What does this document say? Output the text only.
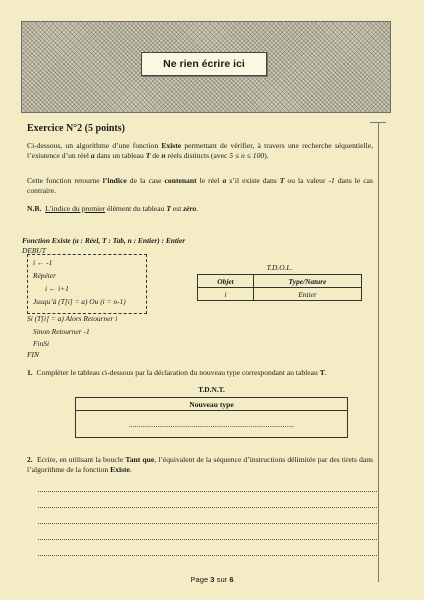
Ne rien écrire ici
Exercice N°2 (5 points)
Ci-dessous, un algorithme d’une fonction Existe permettant de vérifier, à travers une recherche séquentielle, l’existence d’un réel a dans un tableau T de n réels distincts (avec 5 ≤ n ≤ 100).
Cette fonction retourne l’indice de la case contenant le réel a s’il existe dans T ou la valeur -1 dans le cas contraire.
N.B. L’indice du premier élément du tableau T est zéro.
Fonction Existe (a : Réel, T : Tab, n : Entier) : Entier
DEBUT
i ← -1
Répéter
i ← i+1
Jusqu’à (T[i] = a) Ou (i = n-1)
Si (T[i] = a) Alors Retourner i
Sinon Retourner -1
FinSi
FIN
T.D.O.L.
Objet	Type/Nature
i	Entier
1. Compléter le tableau ci-dessous par la déclaration du nouveau type correspondant au tableau T.
T.D.N.T.
Nouveau type
.......................................................................................
2. Ecrire, en utilisant la boucle Tant que, l’équivalent de la séquence d’instructions délimitée par des tirets dans l’algorithme de la fonction Existe.
Page 3 sur 6
